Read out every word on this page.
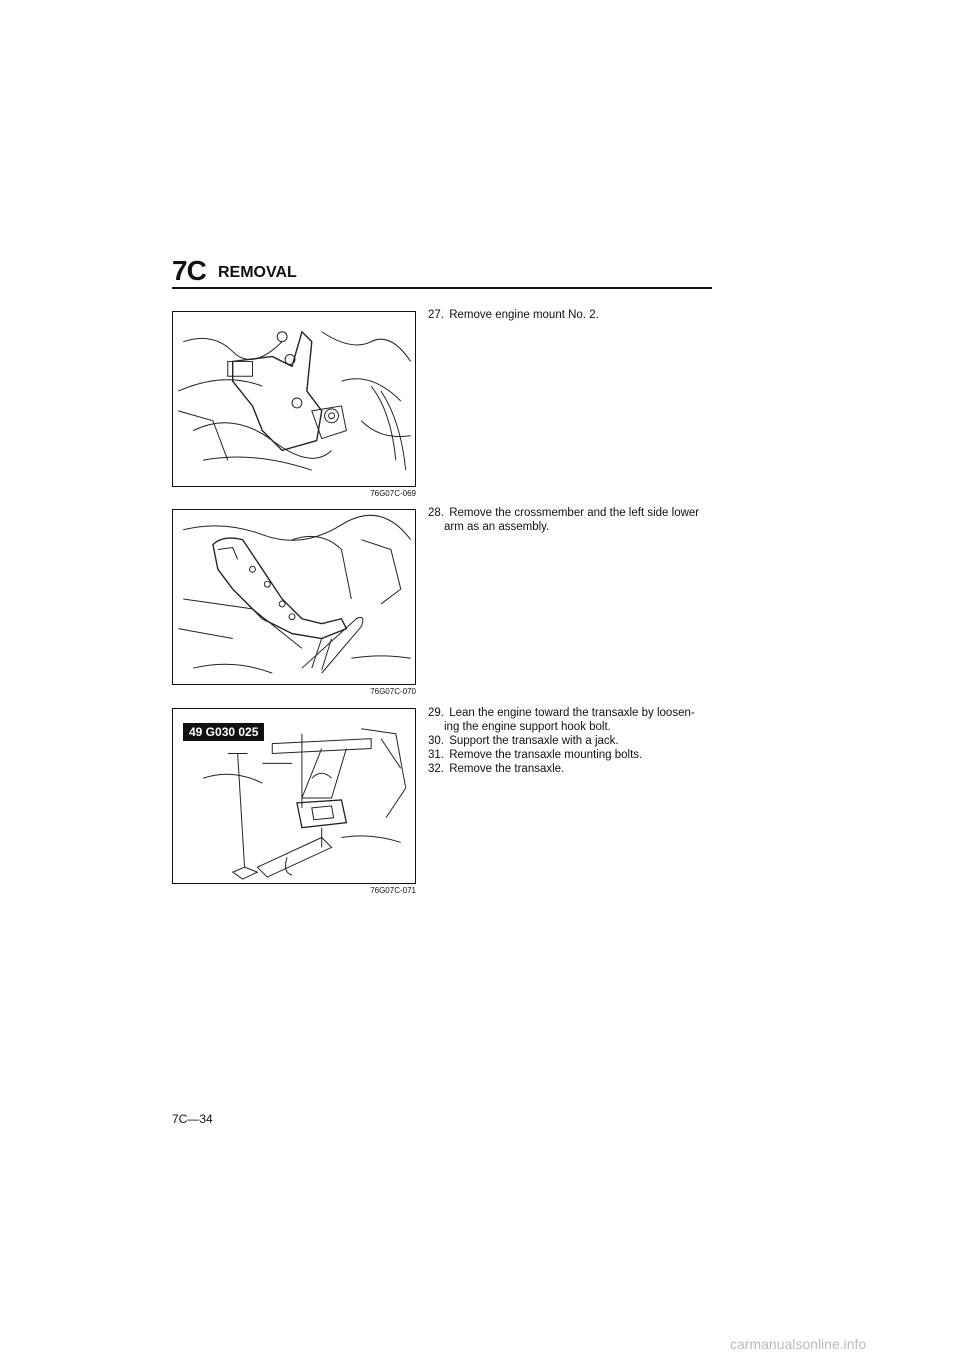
7C REMOVAL
76G07C-069
76G07C-070
49 G030 025
76G07C-071
27. Remove engine mount No. 2.
28. Remove the crossmember and the left side lower
arm as an assembly.
29. Lean the engine toward the transaxle by loosen-
ing the engine support hook bolt.
30. Support the transaxle with a jack.
31. Remove the transaxle mounting bolts.
32. Remove the transaxle.
7C—34
carmanualsonline.info
